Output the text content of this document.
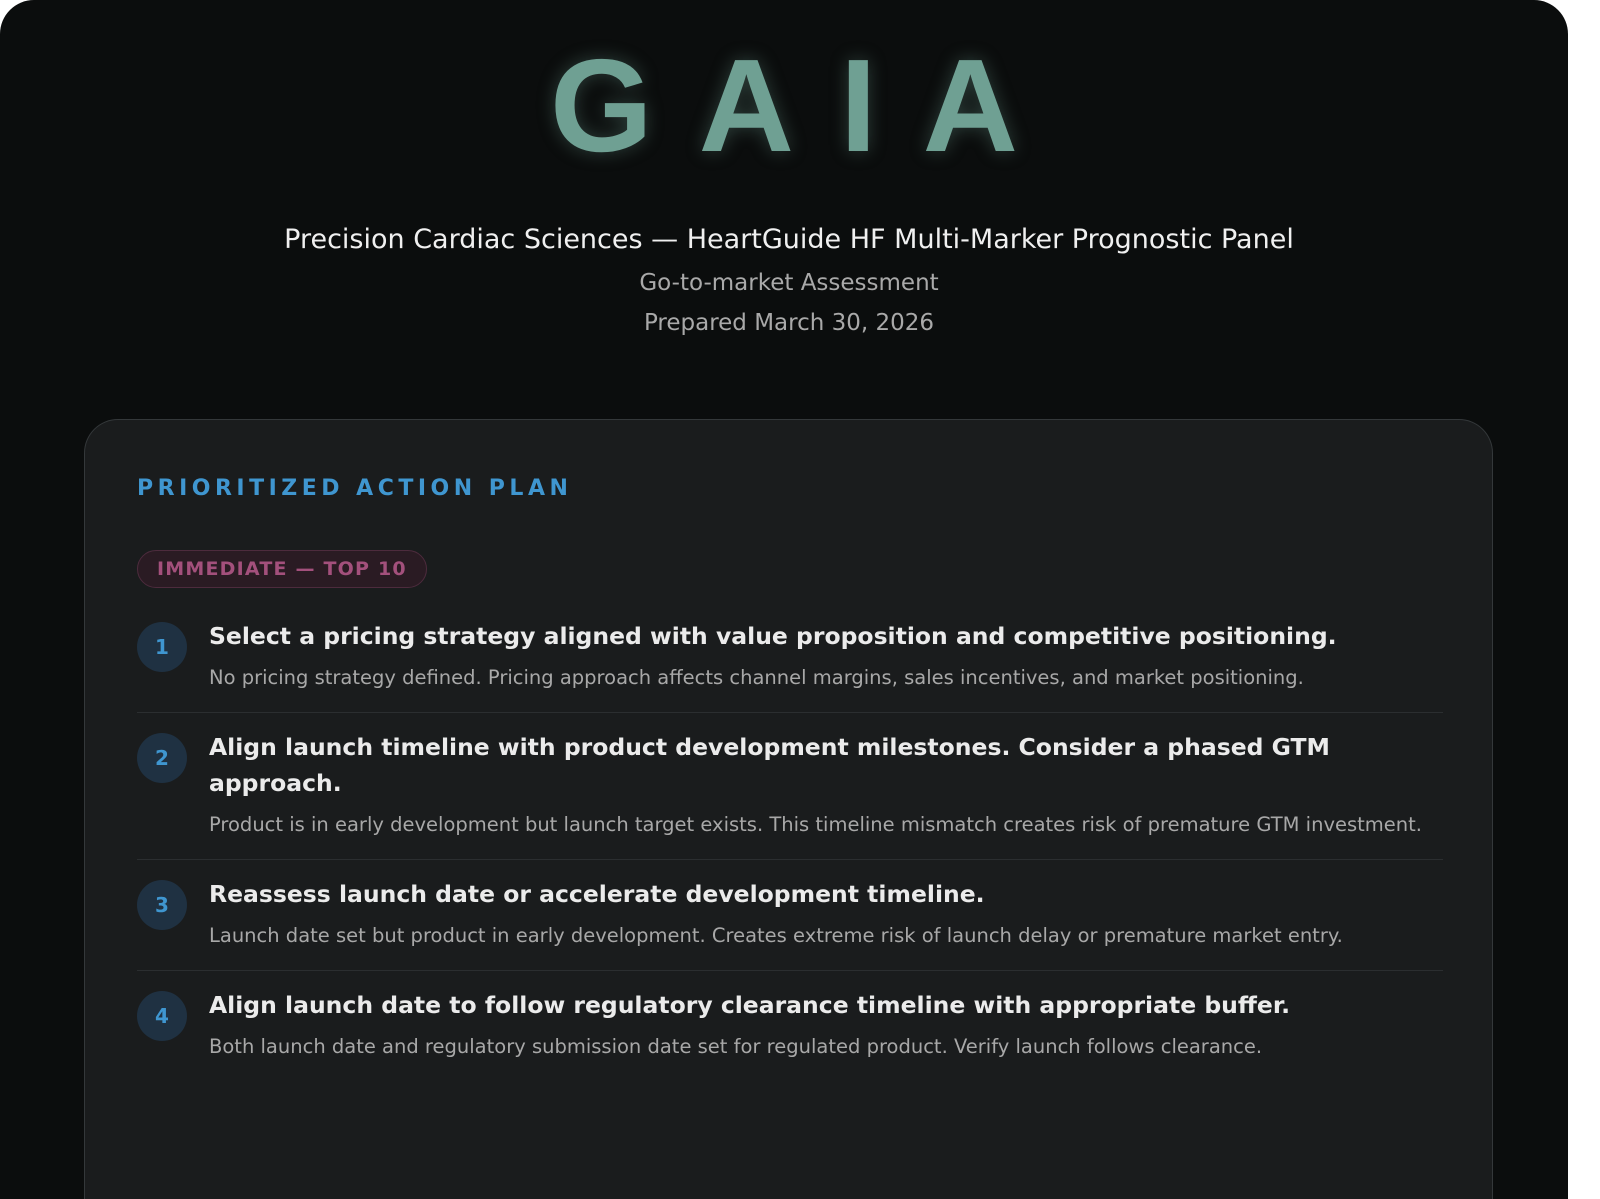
GAIA
Precision Cardiac Sciences — HeartGuide HF Multi-Marker Prognostic Panel
Go-to-market Assessment
Prepared March 30, 2026
PRIORITIZED ACTION PLAN
IMMEDIATE — TOP 10
1	Select a pricing strategy aligned with value proposition and competitive positioning.
No pricing strategy defined. Pricing approach affects channel margins, sales incentives, and market positioning.
2	Align launch timeline with product development milestones. Consider a phased GTM approach.
Product is in early development but launch target exists. This timeline mismatch creates risk of premature GTM investment.
3	Reassess launch date or accelerate development timeline.
Launch date set but product in early development. Creates extreme risk of launch delay or premature market entry.
4	Align launch date to follow regulatory clearance timeline with appropriate buffer.
Both launch date and regulatory submission date set for regulated product. Verify launch follows clearance.
